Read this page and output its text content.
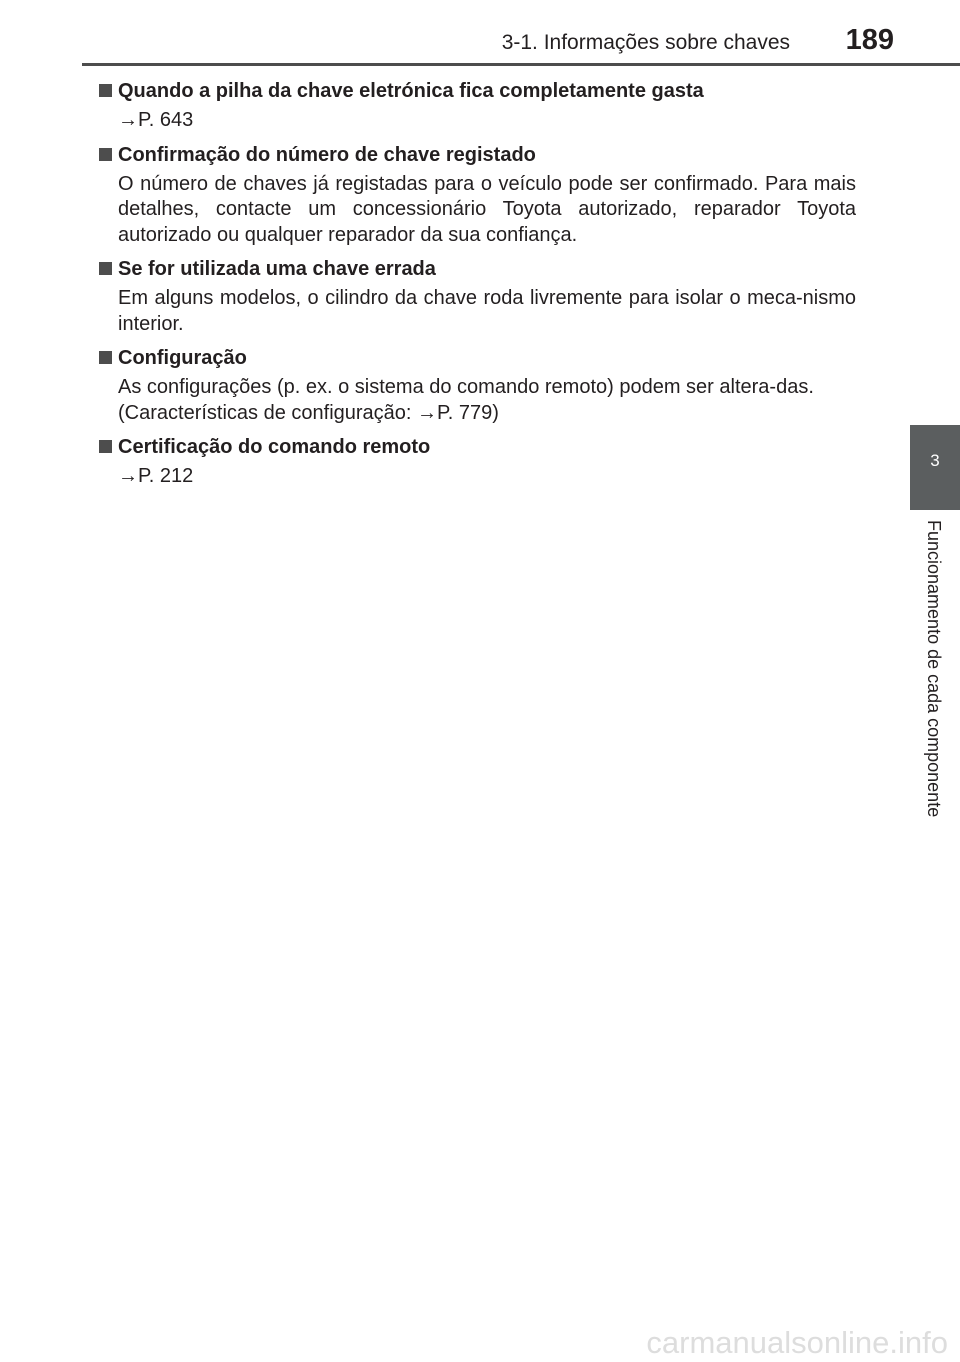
3-1. Informações sobre chaves 189
3
Funcionamento de cada componente
Quando a pilha da chave eletrónica fica completamente gasta
→P. 643
Confirmação do número de chave registado
O número de chaves já registadas para o veículo pode ser confirmado. Para mais detalhes, contacte um concessionário Toyota autorizado, reparador Toyota autorizado ou qualquer reparador da sua confiança.
Se for utilizada uma chave errada
Em alguns modelos, o cilindro da chave roda livremente para isolar o meca-nismo interior.
Configuração
As configurações (p. ex. o sistema do comando remoto) podem ser altera-das.
(Características de configuração: →P. 779)
Certificação do comando remoto
→P. 212
carmanualsonline.info
